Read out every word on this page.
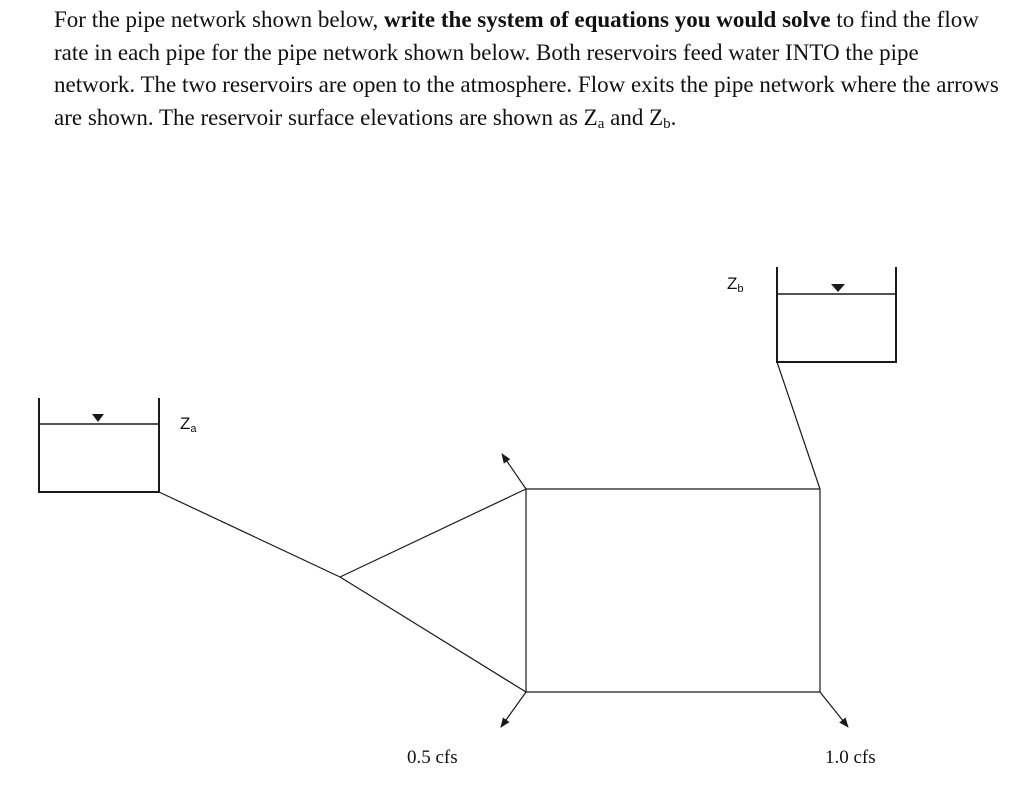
For the pipe network shown below, write the system of equations you would solve to find the flow rate in each pipe for the pipe network shown below. Both reservoirs feed water INTO the pipe network. The two reservoirs are open to the atmosphere. Flow exits the pipe network where the arrows are shown. The reservoir surface elevations are shown as $Z_a$ and $Z_b$.

Za
Zb
0.5 cfs	1.0 cfs
